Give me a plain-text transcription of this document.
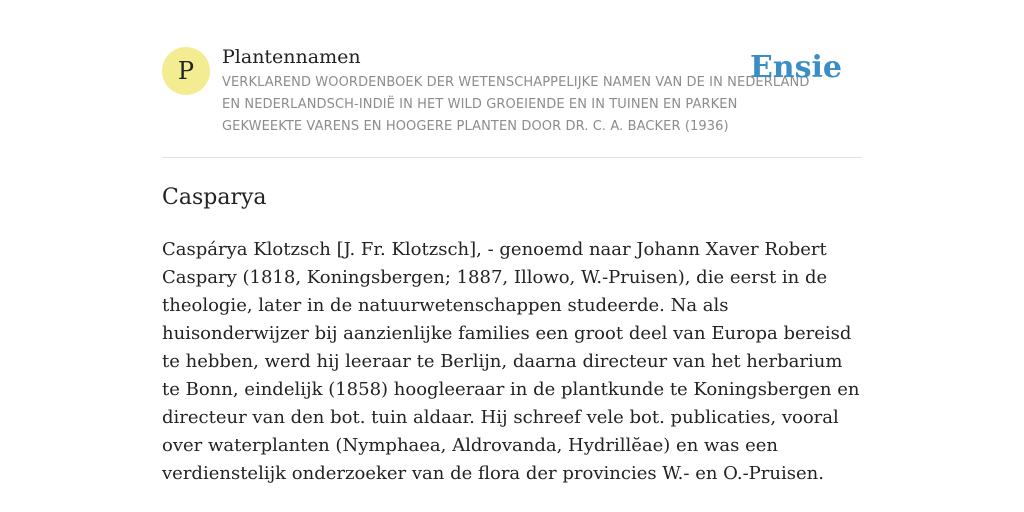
P Plantennamen
VERKLAREND WOORDENBOEK DER WETENSCHAPPELIJKE NAMEN VAN DE IN NEDERLAND EN NEDERLANDSCH-INDIË IN HET WILD GROEIENDE EN IN TUINEN EN PARKEN GEKWEEKTE VARENS EN HOOGERE PLANTEN DOOR DR. C. A. BACKER (1936)
Ensie
Casparya

Caspárya Klotzsch [J. Fr. Klotzsch], - genoemd naar Johann Xaver Robert Caspary (1818, Koningsbergen; 1887, Illowo, W.-Pruisen), die eerst in de theologie, later in de natuurwetenschappen studeerde. Na als huisonderwijzer bij aanzienlijke families een groot deel van Europa bereisd te hebben, werd hij leeraar te Berlijn, daarna directeur van het herbarium te Bonn, eindelijk (1858) hoogleeraar in de plantkunde te Koningsbergen en directeur van den bot. tuin aldaar. Hij schreef vele bot. publicaties, vooral over waterplanten (Nymphaea, Aldrovanda, Hydrillĕae) en was een verdienstelijk onderzoeker van de flora der provincies W.- en O.-Pruisen.
